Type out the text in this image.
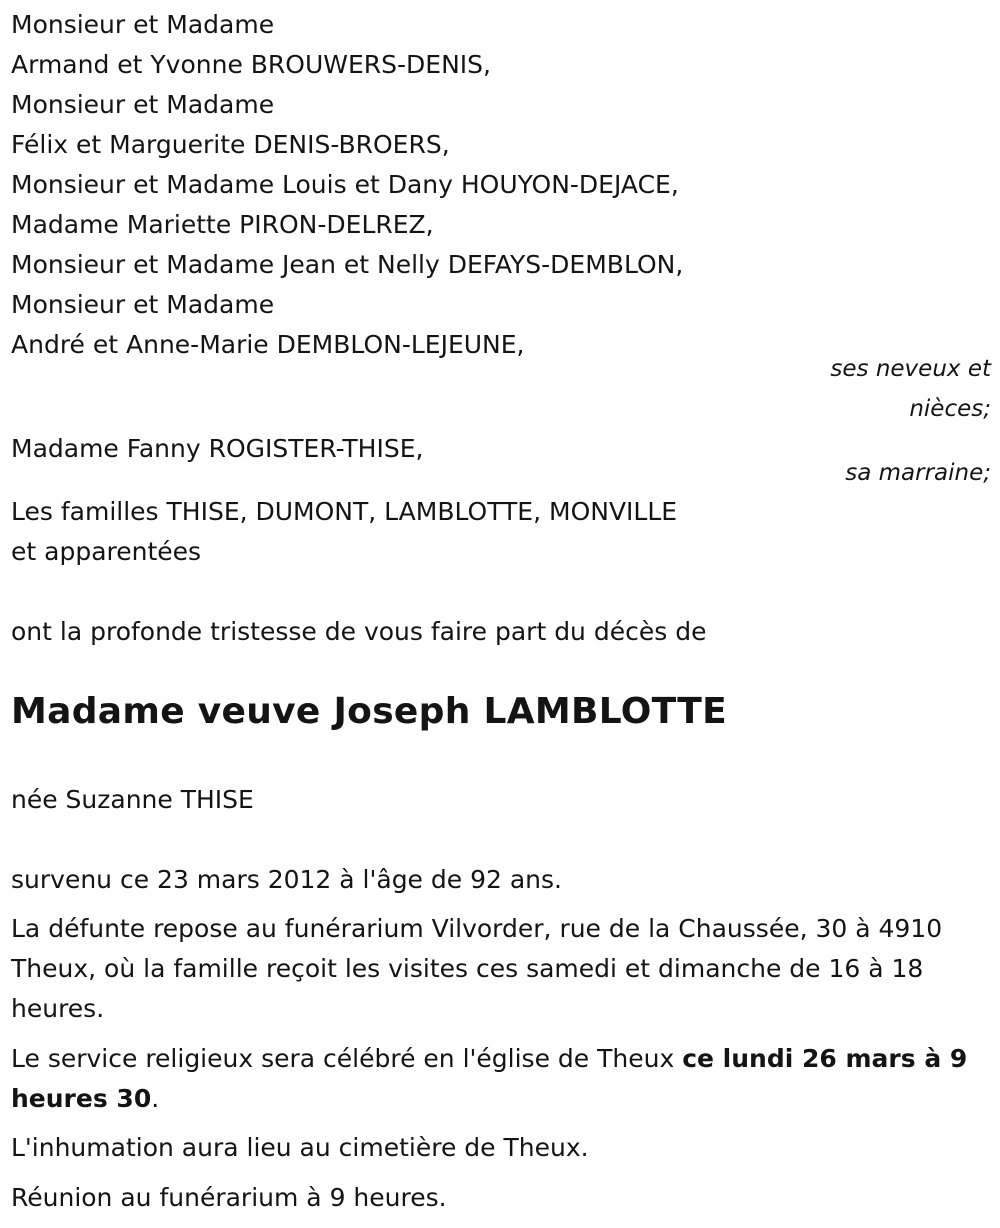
Monsieur et Madame
Armand et Yvonne BROUWERS-DENIS,
Monsieur et Madame
Félix et Marguerite DENIS-BROERS,
Monsieur et Madame Louis et Dany HOUYON-DEJACE,
Madame Mariette PIRON-DELREZ,
Monsieur et Madame Jean et Nelly DEFAYS-DEMBLON,
Monsieur et Madame
André et Anne-Marie DEMBLON-LEJEUNE,
ses neveux et
nièces;
Madame Fanny ROGISTER-THISE,
sa marraine;
Les familles THISE, DUMONT, LAMBLOTTE, MONVILLE
et apparentées
ont la profonde tristesse de vous faire part du décès de
Madame veuve Joseph LAMBLOTTE
née Suzanne THISE
survenu ce 23 mars 2012 à l'âge de 92 ans.
La défunte repose au funérarium Vilvorder, rue de la Chaussée, 30 à 4910 Theux, où la famille reçoit les visites ces samedi et dimanche de 16 à 18 heures.
Le service religieux sera célébré en l'église de Theux ce lundi 26 mars à 9 heures 30.
L'inhumation aura lieu au cimetière de Theux.
Réunion au funérarium à 9 heures.
